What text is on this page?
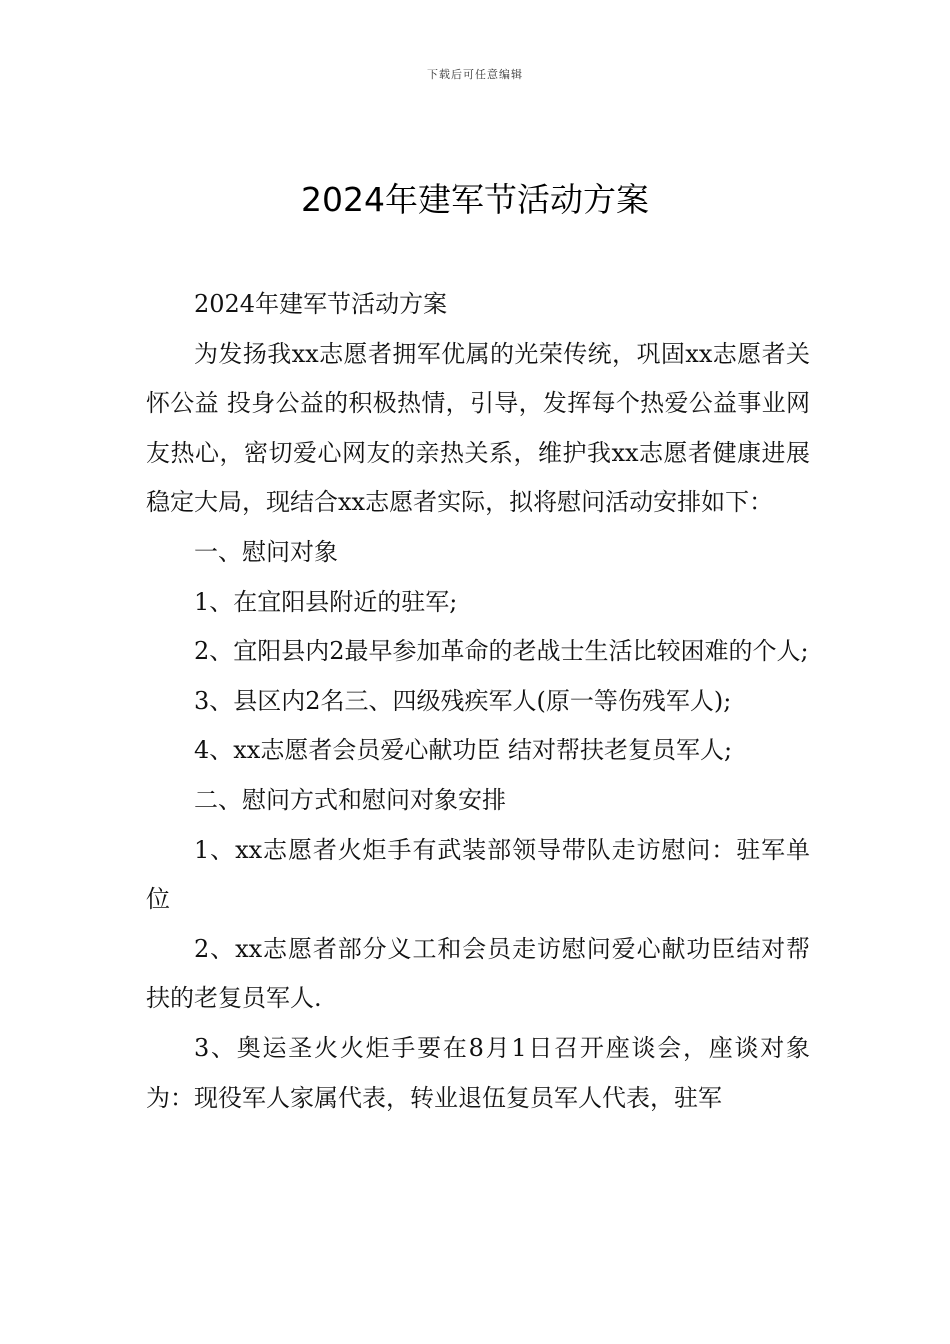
下载后可任意编辑
2024年建军节活动方案

2024年建军节活动方案

为发扬我xx志愿者拥军优属的光荣传统，巩固xx志愿者关怀公益 投身公益的积极热情，引导，发挥每个热爱公益事业网友热心，密切爱心网友的亲热关系，维护我xx志愿者健康进展稳定大局，现结合xx志愿者实际，拟将慰问活动安排如下：

一、慰问对象

1、在宜阳县附近的驻军;

2、宜阳县内2最早参加革命的老战士生活比较困难的个人;

3、县区内2名三、四级残疾军人(原一等伤残军人);

4、xx志愿者会员爱心献功臣 结对帮扶老复员军人;

二、慰问方式和慰问对象安排

1、xx志愿者火炬手有武装部领导带队走访慰问：驻军单位

2、xx志愿者部分义工和会员走访慰问爱心献功臣结对帮扶的老复员军人.

3、奥运圣火火炬手要在8月1日召开座谈会，座谈对象为：现役军人家属代表，转业退伍复员军人代表，驻军
